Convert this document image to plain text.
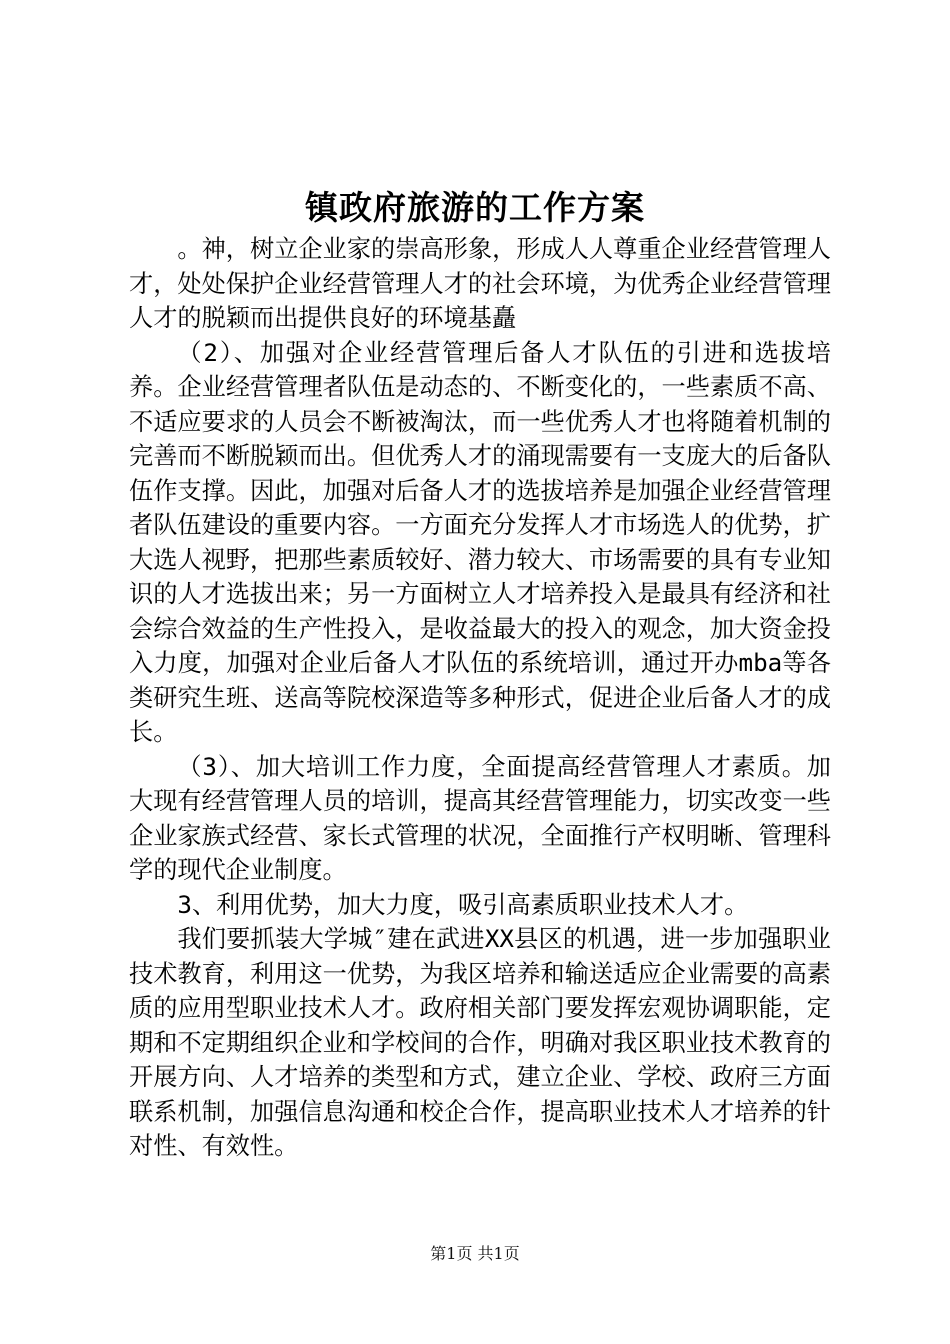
镇政府旅游的工作方案

。神，树立企业家的崇高形象，形成人人尊重企业经营管理人才，处处保护企业经营管理人才的社会环境，为优秀企业经营管理人才的脱颖而出提供良好的环境基矗

（2）、加强对企业经营管理后备人才队伍的引进和选拔培养。企业经营管理者队伍是动态的、不断变化的，一些素质不高、不适应要求的人员会不断被淘汰，而一些优秀人才也将随着机制的完善而不断脱颖而出。但优秀人才的涌现需要有一支庞大的后备队伍作支撑。因此，加强对后备人才的选拔培养是加强企业经营管理者队伍建设的重要内容。一方面充分发挥人才市场选人的优势，扩大选人视野，把那些素质较好、潜力较大、市场需要的具有专业知识的人才选拔出来；另一方面树立人才培养投入是最具有经济和社会综合效益的生产性投入，是收益最大的投入的观念，加大资金投入力度，加强对企业后备人才队伍的系统培训，通过开办mba等各类研究生班、送高等院校深造等多种形式，促进企业后备人才的成长。

（3）、加大培训工作力度，全面提高经营管理人才素质。加大现有经营管理人员的培训，提高其经营管理能力，切实改变一些企业家族式经营、家长式管理的状况，全面推行产权明晰、管理科学的现代企业制度。

3、利用优势，加大力度，吸引高素质职业技术人才。

我们要抓装大学城″建在武进XX县区的机遇，进一步加强职业技术教育，利用这一优势，为我区培养和输送适应企业需要的高素质的应用型职业技术人才。政府相关部门要发挥宏观协调职能，定期和不定期组织企业和学校间的合作，明确对我区职业技术教育的开展方向、人才培养的类型和方式，建立企业、学校、政府三方面联系机制，加强信息沟通和校企合作，提高职业技术人才培养的针对性、有效性。

第1页 共1页
